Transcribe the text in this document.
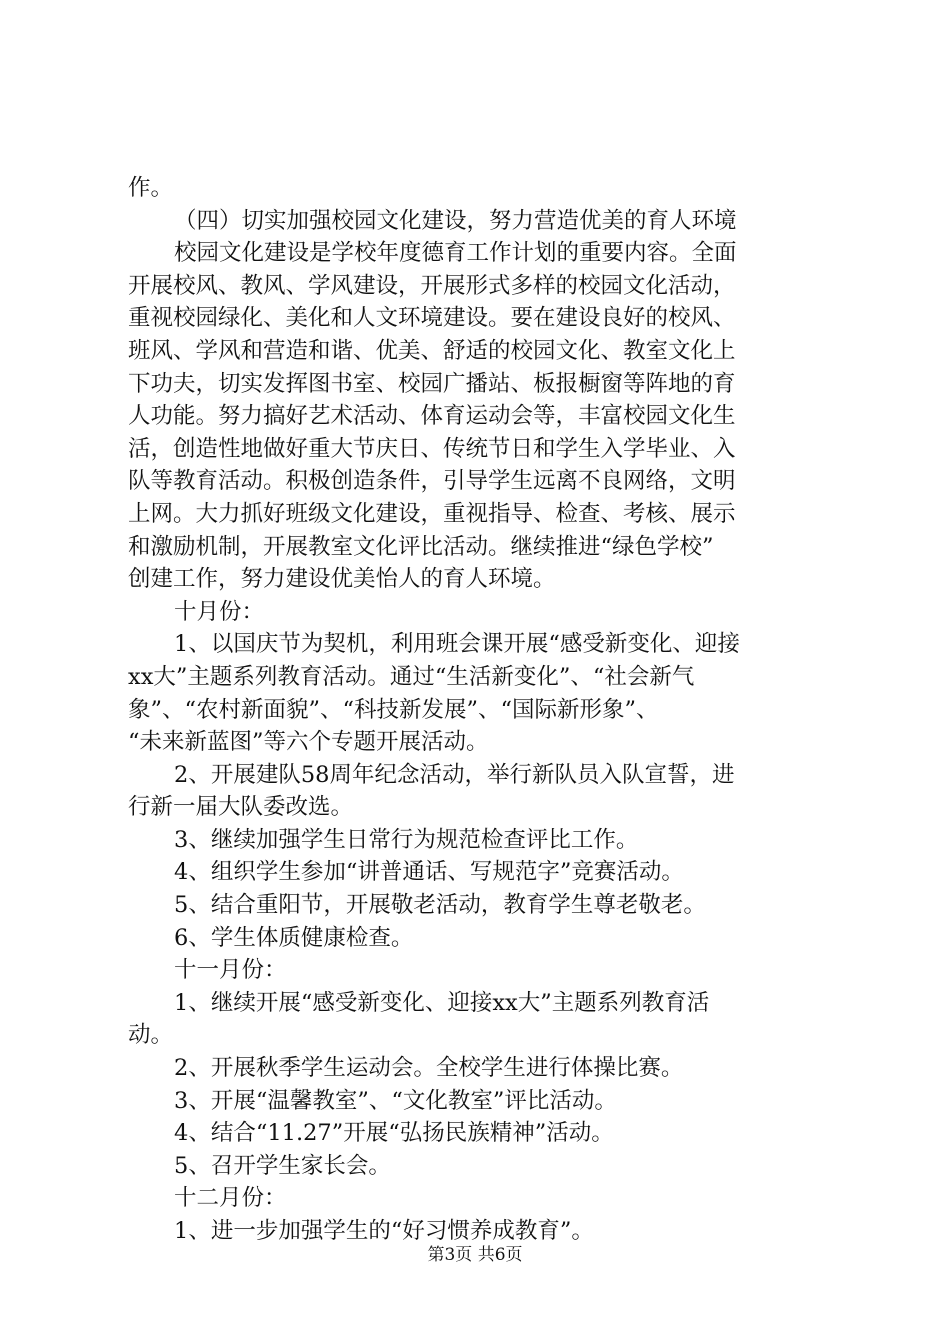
作。
（四）切实加强校园文化建设，努力营造优美的育人环境
校园文化建设是学校年度德育工作计划的重要内容。全面
开展校风、教风、学风建设，开展形式多样的校园文化活动，
重视校园绿化、美化和人文环境建设。要在建设良好的校风、
班风、学风和营造和谐、优美、舒适的校园文化、教室文化上
下功夫，切实发挥图书室、校园广播站、板报橱窗等阵地的育
人功能。努力搞好艺术活动、体育运动会等，丰富校园文化生
活，创造性地做好重大节庆日、传统节日和学生入学毕业、入
队等教育活动。积极创造条件，引导学生远离不良网络，文明
上网。大力抓好班级文化建设，重视指导、检查、考核、展示
和激励机制，开展教室文化评比活动。继续推进“绿色学校”
创建工作，努力建设优美怡人的育人环境。
十月份：
1、以国庆节为契机，利用班会课开展“感受新变化、迎接
xx大”主题系列教育活动。通过“生活新变化”、“社会新气
象”、“农村新面貌”、“科技新发展”、“国际新形象”、
“未来新蓝图”等六个专题开展活动。
2、开展建队58周年纪念活动，举行新队员入队宣誓，进
行新一届大队委改选。
3、继续加强学生日常行为规范检查评比工作。
4、组织学生参加“讲普通话、写规范字”竞赛活动。
5、结合重阳节，开展敬老活动，教育学生尊老敬老。
6、学生体质健康检查。
十一月份：
1、继续开展“感受新变化、迎接xx大”主题系列教育活
动。
2、开展秋季学生运动会。全校学生进行体操比赛。
3、开展“温馨教室”、“文化教室”评比活动。
4、结合“11.27”开展“弘扬民族精神”活动。
5、召开学生家长会。
十二月份：
1、进一步加强学生的“好习惯养成教育”。
第3页 共6页
